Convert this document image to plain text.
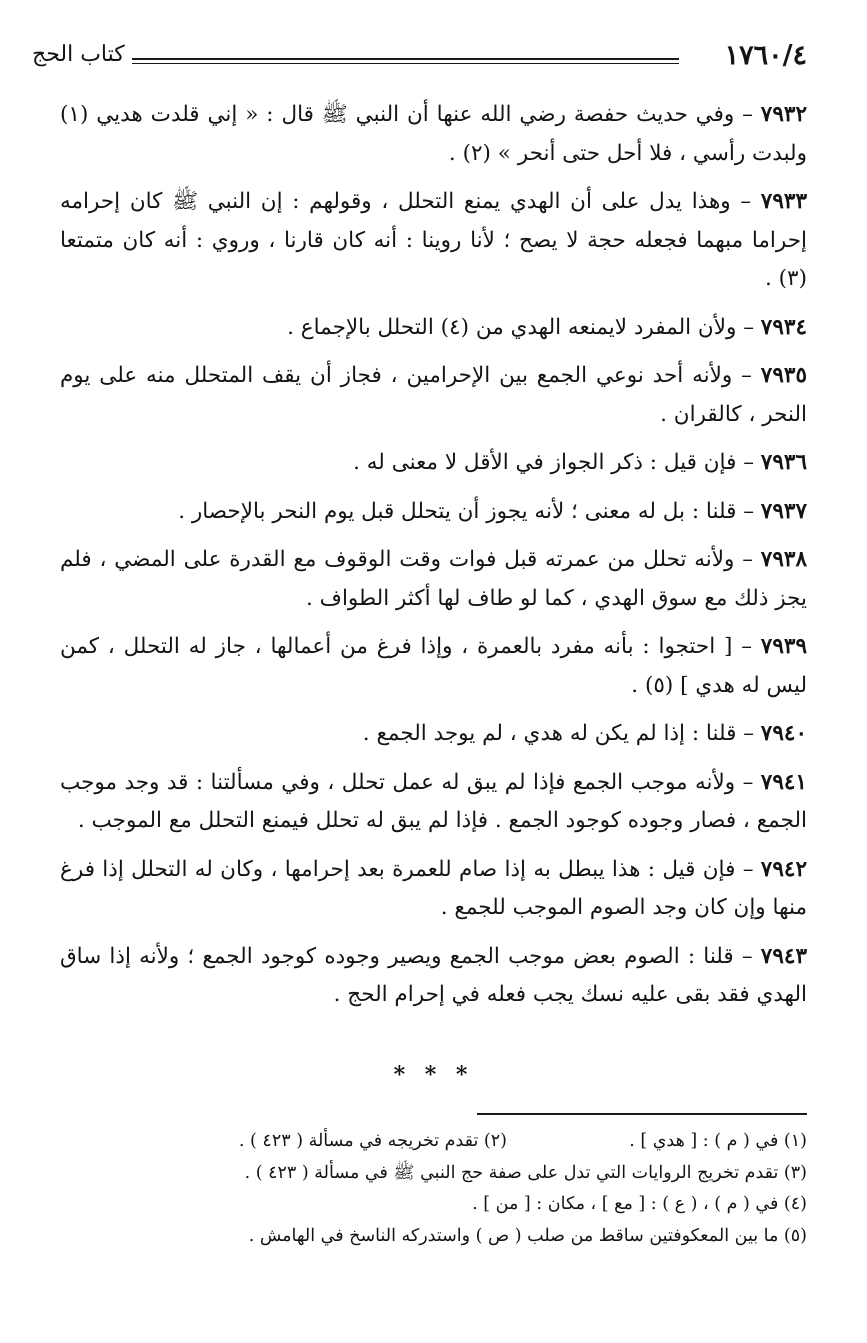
١٧٦٠/٤
كتاب الحج

٧٩٣٢ – وفي حديث حفصة رضي الله عنها أن النبي ﷺ قال : « إني قلدت هديي (١) ولبدت رأسي ، فلا أحل حتى أنحر » (٢) .

٧٩٣٣ – وهذا يدل على أن الهدي يمنع التحلل ، وقولهم : إن النبي ﷺ كان إحرامه إحراما مبهما فجعله حجة لا يصح ؛ لأنا روينا : أنه كان قارنا ، وروي : أنه كان متمتعا (٣) .

٧٩٣٤ – ولأن المفرد لايمنعه الهدي من (٤) التحلل بالإجماع .

٧٩٣٥ – ولأنه أحد نوعي الجمع بين الإحرامين ، فجاز أن يقف المتحلل منه على يوم النحر ، كالقران .

٧٩٣٦ – فإن قيل : ذكر الجواز في الأقل لا معنى له .

٧٩٣٧ – قلنا : بل له معنى ؛ لأنه يجوز أن يتحلل قبل يوم النحر بالإحصار .

٧٩٣٨ – ولأنه تحلل من عمرته قبل فوات وقت الوقوف مع القدرة على المضي ، فلم يجز ذلك مع سوق الهدي ، كما لو طاف لها أكثر الطواف .

٧٩٣٩ – [ احتجوا : بأنه مفرد بالعمرة ، وإذا فرغ من أعمالها ، جاز له التحلل ، كمن ليس له هدي ] (٥) .

٧٩٤٠ – قلنا : إذا لم يكن له هدي ، لم يوجد الجمع .

٧٩٤١ – ولأنه موجب الجمع فإذا لم يبق له عمل تحلل ، وفي مسألتنا : قد وجد موجب الجمع ، فصار وجوده كوجود الجمع . فإذا لم يبق له تحلل فيمنع التحلل مع الموجب .

٧٩٤٢ – فإن قيل : هذا يبطل به إذا صام للعمرة بعد إحرامها ، وكان له التحلل إذا فرغ منها وإن كان وجد الصوم الموجب للجمع .

٧٩٤٣ – قلنا : الصوم بعض موجب الجمع ويصير وجوده كوجود الجمع ؛ ولأنه إذا ساق الهدي فقد بقى عليه نسك يجب فعله في إحرام الحج .

* * *
(١) في ( م ) : [ هدي ] .
(٢) تقدم تخريجه في مسألة ( ٤٢٣ ) .
(٣) تقدم تخريج الروايات التي تدل على صفة حج النبي ﷺ في مسألة ( ٤٢٣ ) .
(٤) في ( م ) ، ( ع ) : [ مع ] ، مكان : [ من ] .
(٥) ما بين المعكوفتين ساقط من صلب ( ص ) واستدركه الناسخ في الهامش .
